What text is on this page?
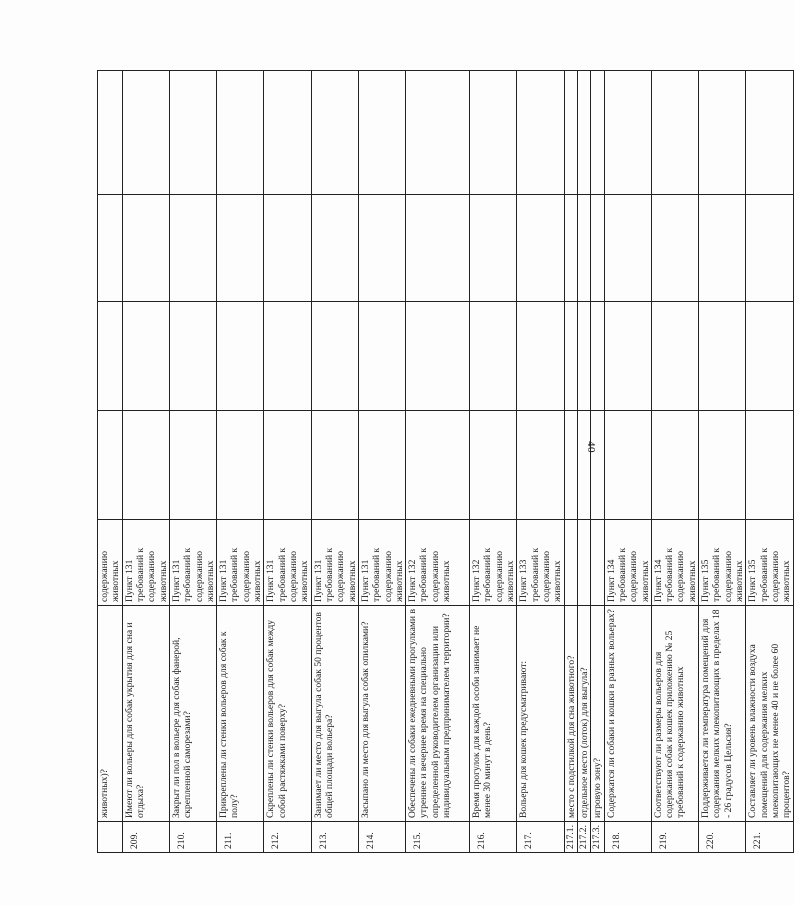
40
	животных)?	содержанию животных				
209.	Имеют ли вольеры для собак укрытия для сна и отдыха?	Пункт 131 требований к содержанию животных				
210.	Закрыт ли пол в вольере для собак фанерой, скрепленной саморезами?	Пункт 131 требований к содержанию животных				
211.	Прикреплены ли стенки вольеров для собак к полу?	Пункт 131 требований к содержанию животных				
212.	Скреплены ли стенки вольеров для собак между собой растяжками поверху?	Пункт 131 требований к содержанию животных				
213.	Занимает ли место для выгула собак 50 процентов общей площади вольера?	Пункт 131 требований к содержанию животных				
214.	Засыпано ли место для выгула собак опилками?	Пункт 131 требований к содержанию животных				
215.	Обеспечены ли собаки ежедневными прогулками в утреннее и вечернее время на специально определенной руководителем организации или индивидуальным предпринимателем территории?	Пункт 132 требований к содержанию животных				
216.	Время прогулок для каждой особи занимает не менее 30 минут в день?	Пункт 132 требований к содержанию животных				
217.	Вольеры для кошек предусматривают:	Пункт 133 требований к содержанию животных				
217.1.	место с подстилкой для сна животного?					
217.2.	отдельное место (лоток) для выгула?					
217.3.	игровую зону?					
218.	Содержатся ли собаки и кошки в разных вольерах?	Пункт 134 требований к содержанию животных				
219.	Соответствуют ли размеры вольеров для содержания собак и кошек приложению № 25 требований к содержанию животных	Пункт 134 требований к содержанию животных				
220.	Поддерживается ли температура помещений для содержания мелких млекопитающих в пределах 18 - 26 градусов Цельсия?	Пункт 135 требований к содержанию животных				
221.	Составляет ли уровень влажности воздуха помещений для содержания мелких млекопитающих не менее 40 и не более 60 процентов?	Пункт 135 требований к содержанию животных				
